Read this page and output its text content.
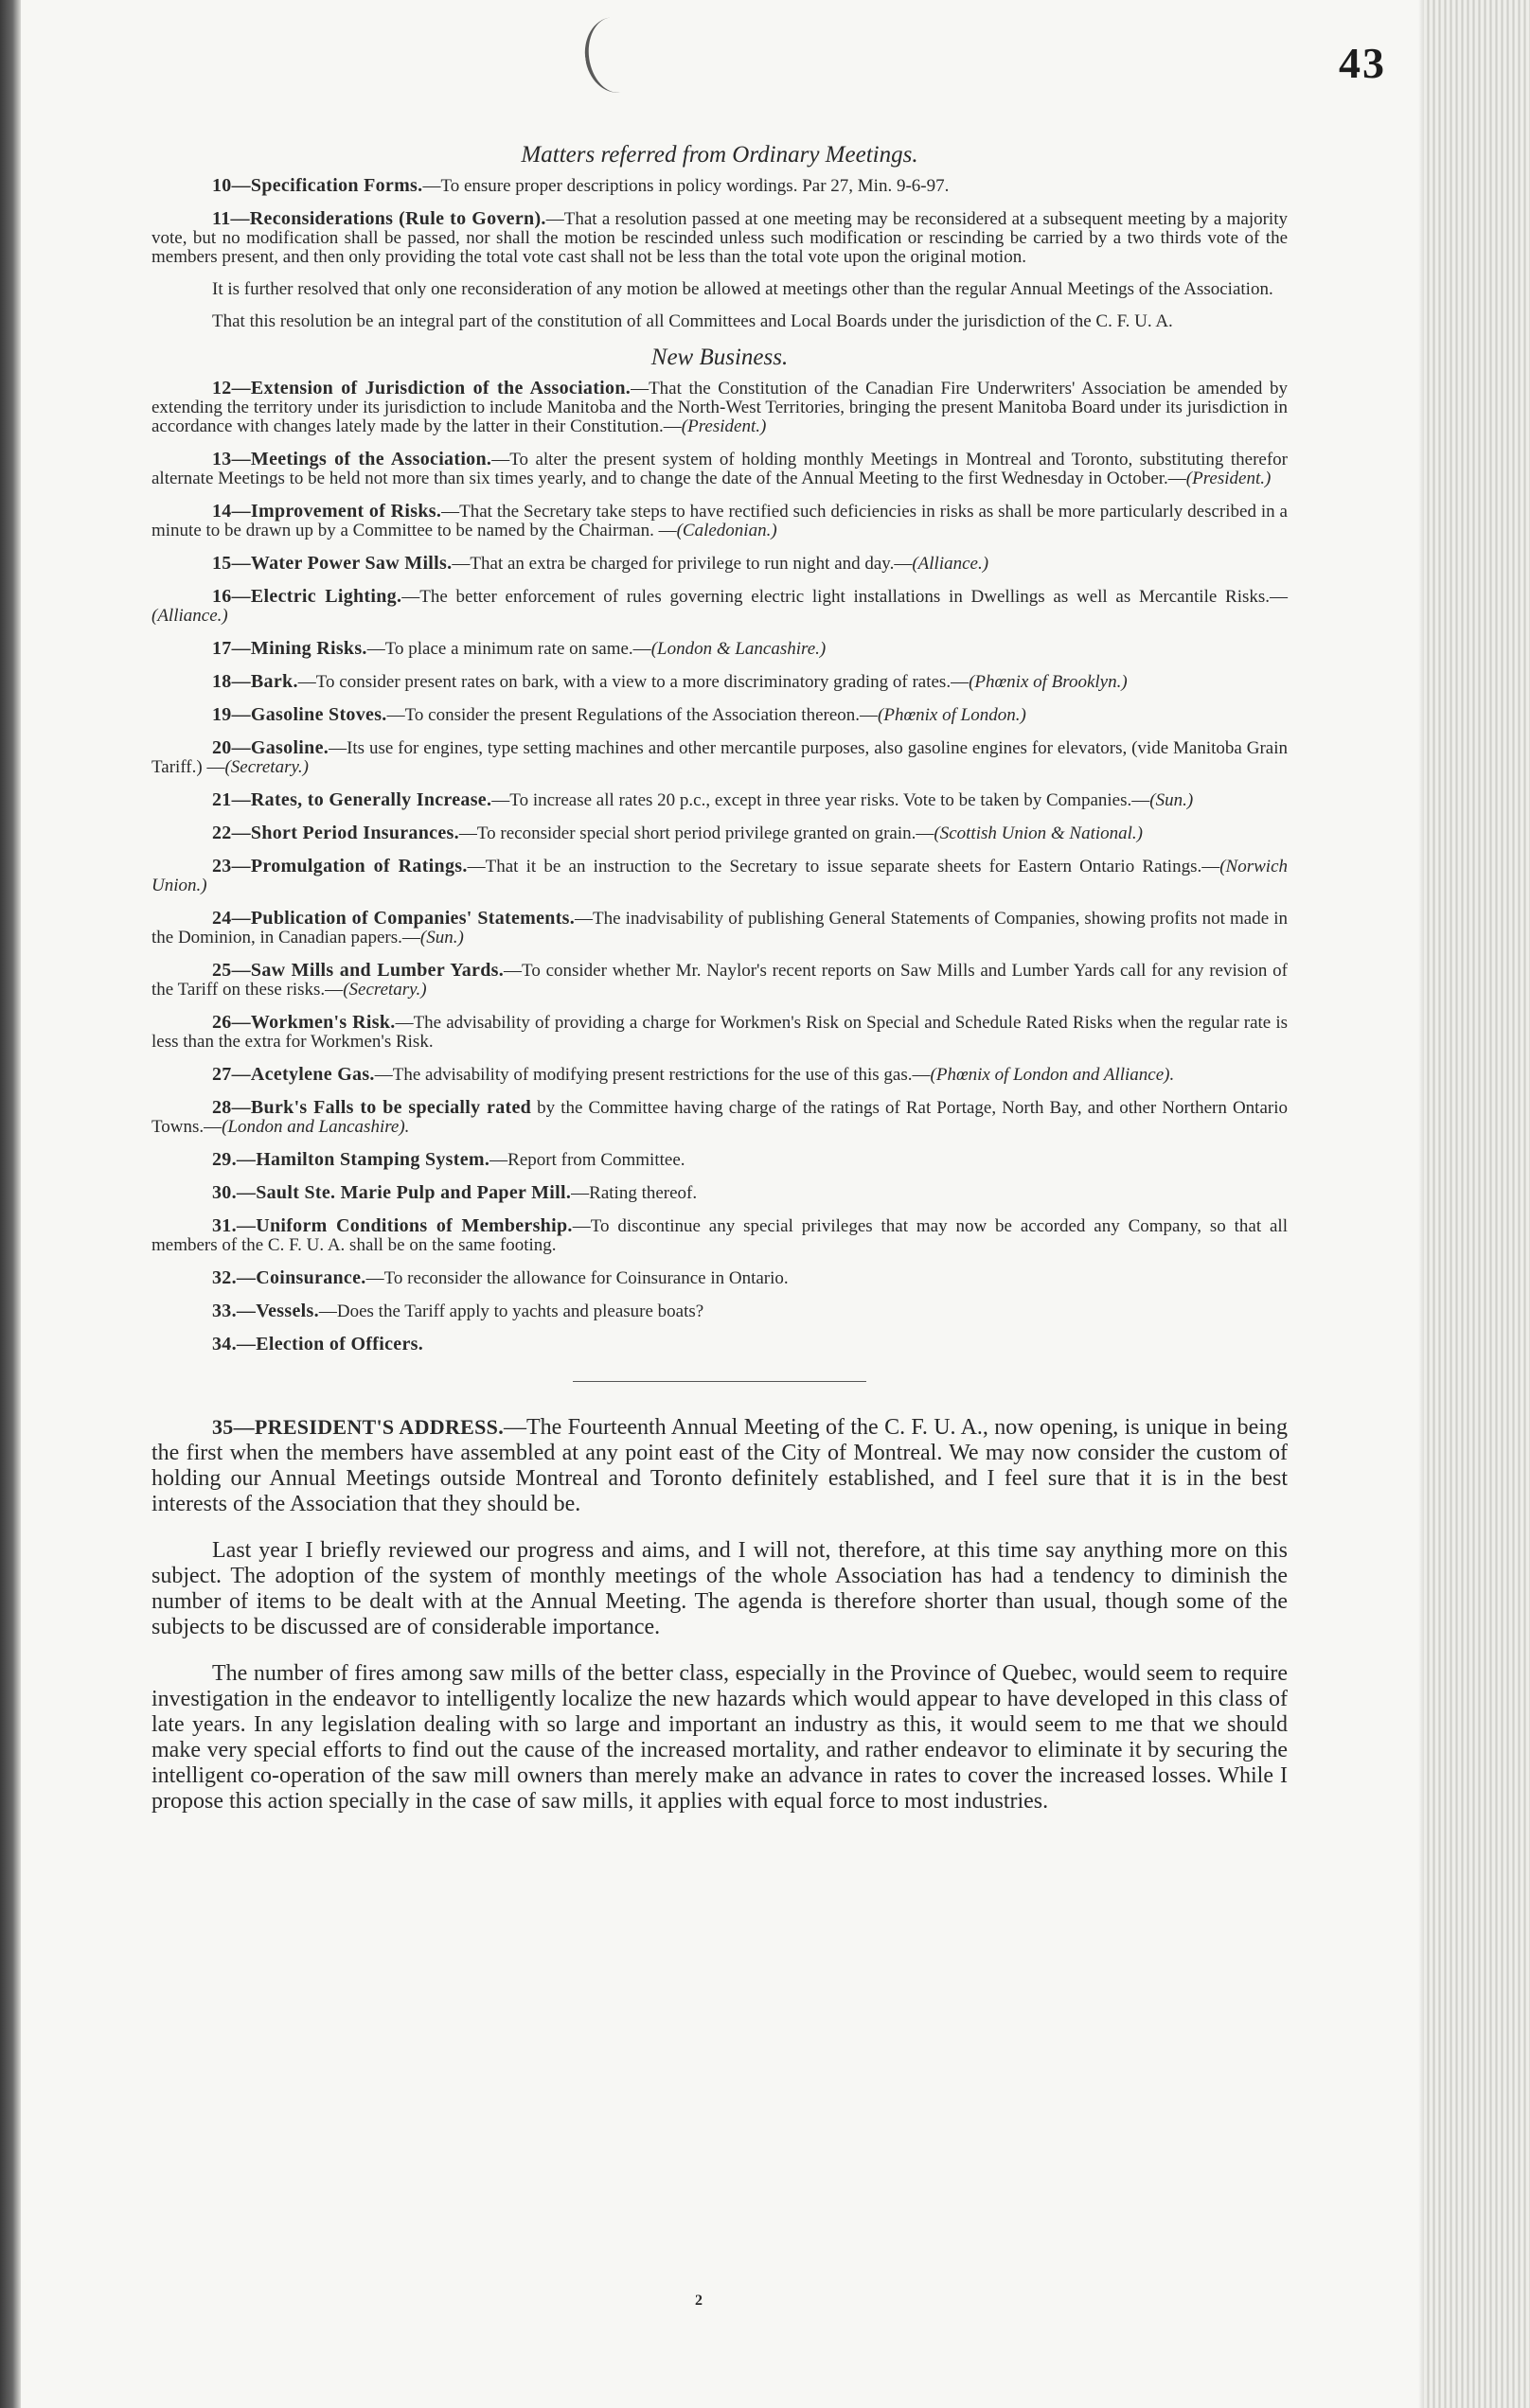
43
Matters referred from Ordinary Meetings.

10—Specification Forms.—To ensure proper descriptions in policy wordings. Par 27, Min. 9-6-97.

11—Reconsiderations (Rule to Govern).—That a resolution passed at one meeting may be reconsidered at a subsequent meeting by a majority vote, but no modification shall be passed, nor shall the motion be rescinded unless such modification or rescinding be carried by a two thirds vote of the members present, and then only providing the total vote cast shall not be less than the total vote upon the original motion.

It is further resolved that only one reconsideration of any motion be allowed at meetings other than the regular Annual Meetings of the Association.

That this resolution be an integral part of the constitution of all Committees and Local Boards under the jurisdiction of the C. F. U. A.

New Business.

12—Extension of Jurisdiction of the Association.—That the Constitution of the Canadian Fire Underwriters' Association be amended by extending the territory under its jurisdiction to include Manitoba and the North-West Territories, bringing the present Manitoba Board under its jurisdiction in accordance with changes lately made by the latter in their Constitution.—(President.)

13—Meetings of the Association.—To alter the present system of holding monthly Meetings in Montreal and Toronto, substituting therefor alternate Meetings to be held not more than six times yearly, and to change the date of the Annual Meeting to the first Wednesday in October.—(President.)

14—Improvement of Risks.—That the Secretary take steps to have rectified such deficiencies in risks as shall be more particularly described in a minute to be drawn up by a Committee to be named by the Chairman. —(Caledonian.)

15—Water Power Saw Mills.—That an extra be charged for privilege to run night and day.—(Alliance.)

16—Electric Lighting.—The better enforcement of rules governing electric light installations in Dwellings as well as Mercantile Risks.—(Alliance.)

17—Mining Risks.—To place a minimum rate on same.—(London & Lancashire.)

18—Bark.—To consider present rates on bark, with a view to a more discriminatory grading of rates.—(Phœnix of Brooklyn.)

19—Gasoline Stoves.—To consider the present Regulations of the Association thereon.—(Phœnix of London.)

20—Gasoline.—Its use for engines, type setting machines and other mercantile purposes, also gasoline engines for elevators, (vide Manitoba Grain Tariff.) —(Secretary.)

21—Rates, to Generally Increase.—To increase all rates 20 p.c., except in three year risks. Vote to be taken by Companies.—(Sun.)

22—Short Period Insurances.—To reconsider special short period privilege granted on grain.—(Scottish Union & National.)

23—Promulgation of Ratings.—That it be an instruction to the Secretary to issue separate sheets for Eastern Ontario Ratings.—(Norwich Union.)

24—Publication of Companies' Statements.—The inadvisability of publishing General Statements of Companies, showing profits not made in the Dominion, in Canadian papers.—(Sun.)

25—Saw Mills and Lumber Yards.—To consider whether Mr. Naylor's recent reports on Saw Mills and Lumber Yards call for any revision of the Tariff on these risks.—(Secretary.)

26—Workmen's Risk.—The advisability of providing a charge for Workmen's Risk on Special and Schedule Rated Risks when the regular rate is less than the extra for Workmen's Risk.

27—Acetylene Gas.—The advisability of modifying present restrictions for the use of this gas.—(Phœnix of London and Alliance).

28—Burk's Falls to be specially rated by the Committee having charge of the ratings of Rat Portage, North Bay, and other Northern Ontario Towns.—(London and Lancashire).

29.—Hamilton Stamping System.—Report from Committee.

30.—Sault Ste. Marie Pulp and Paper Mill.—Rating thereof.

31.—Uniform Conditions of Membership.—To discontinue any special privileges that may now be accorded any Company, so that all members of the C. F. U. A. shall be on the same footing.

32.—Coinsurance.—To reconsider the allowance for Coinsurance in Ontario.

33.—Vessels.—Does the Tariff apply to yachts and pleasure boats?

34.—Election of Officers.

35—PRESIDENT'S ADDRESS.—The Fourteenth Annual Meeting of the C. F. U. A., now opening, is unique in being the first when the members have assembled at any point east of the City of Montreal. We may now consider the custom of holding our Annual Meetings outside Montreal and Toronto definitely established, and I feel sure that it is in the best interests of the Association that they should be.

Last year I briefly reviewed our progress and aims, and I will not, therefore, at this time say anything more on this subject. The adoption of the system of monthly meetings of the whole Association has had a tendency to diminish the number of items to be dealt with at the Annual Meeting. The agenda is therefore shorter than usual, though some of the subjects to be discussed are of considerable importance.

The number of fires among saw mills of the better class, especially in the Province of Quebec, would seem to require investigation in the endeavor to intelligently localize the new hazards which would appear to have developed in this class of late years. In any legislation dealing with so large and important an industry as this, it would seem to me that we should make very special efforts to find out the cause of the increased mortality, and rather endeavor to eliminate it by securing the intelligent co-operation of the saw mill owners than merely make an advance in rates to cover the increased losses. While I propose this action specially in the case of saw mills, it applies with equal force to most industries.

2
